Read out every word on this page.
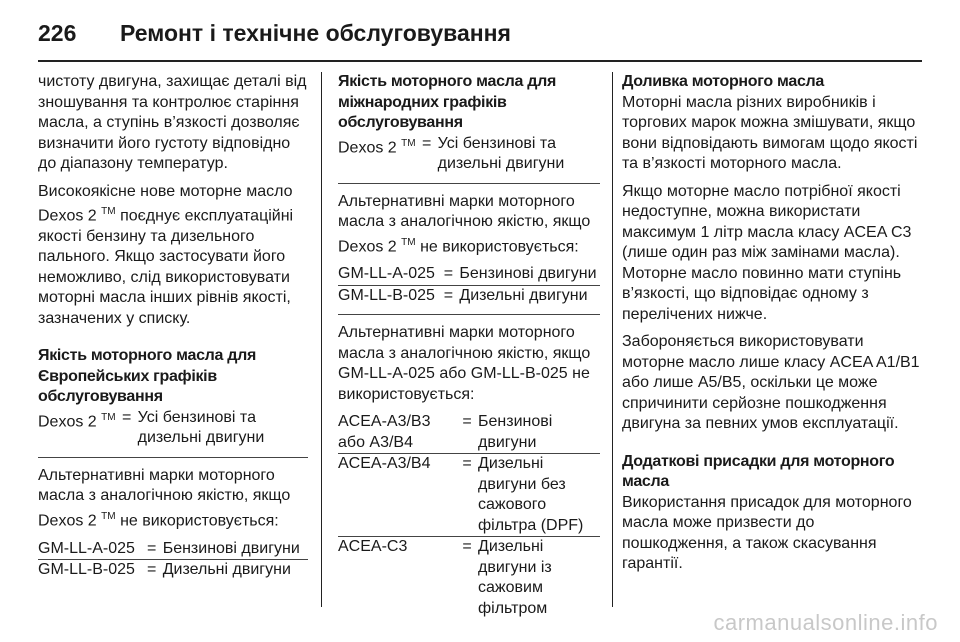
226	Ремонт і технічне обслуговування

чистоту двигуна, захищає деталі від зношування та контролює старіння масла, а ступінь в’язкості дозволяє визначити його густоту відповідно до діапазону температур.

Високоякісне нове моторне масло Dexos 2 ™ поєднує експлуатаційні якості бензину та дизельного пального. Якщо застосувати його неможливо, слід використовувати моторні масла інших рівнів якості, зазначених у списку.

Якість моторного масла для Європейських графіків обслуговування
Dexos 2 ™	=	Усі бензинові та дизельні двигуни

Альтернативні марки моторного масла з аналогічною якістю, якщо Dexos 2 ™ не використовується:

GM-LL-A-025	=	Бензинові двигуни
GM-LL-B-025	=	Дизельні двигуни
Якість моторного масла для міжнародних графіків обслуговування
Dexos 2 ™	=	Усі бензинові та дизельні двигуни

Альтернативні марки моторного масла з аналогічною якістю, якщо Dexos 2 ™ не використовується:

GM-LL-A-025	=	Бензинові двигуни
GM-LL-B-025	=	Дизельні двигуни

Альтернативні марки моторного масла з аналогічною якістю, якщо GM-LL-A-025 або GM-LL-B-025 не використовується:

ACEA-A3/B3 або A3/B4	=	Бензинові двигуни
ACEA-A3/B4	=	Дизельні двигуни без сажового фільтра (DPF)
ACEA-C3	=	Дизельні двигуни із сажовим фільтром
Доливка моторного масла

Моторні масла різних виробників і торгових марок можна змішувати, якщо вони відповідають вимогам щодо якості та в’язкості моторного масла.

Якщо моторне масло потрібної якості недоступне, можна використати максимум 1 літр масла класу ACEA C3 (лише один раз між замінами масла). Моторне масло повинно мати ступінь в’язкості, що відповідає одному з перелічених нижче.

Забороняється використовувати моторне масло лише класу ACEA A1/B1 або лише A5/B5, оскільки це може спричинити серйозне пошкодження двигуна за певних умов експлуатації.

Додаткові присадки для моторного масла

Використання присадок для моторного масла може призвести до пошкодження, а також скасування гарантії.

carmanualsonline.info
